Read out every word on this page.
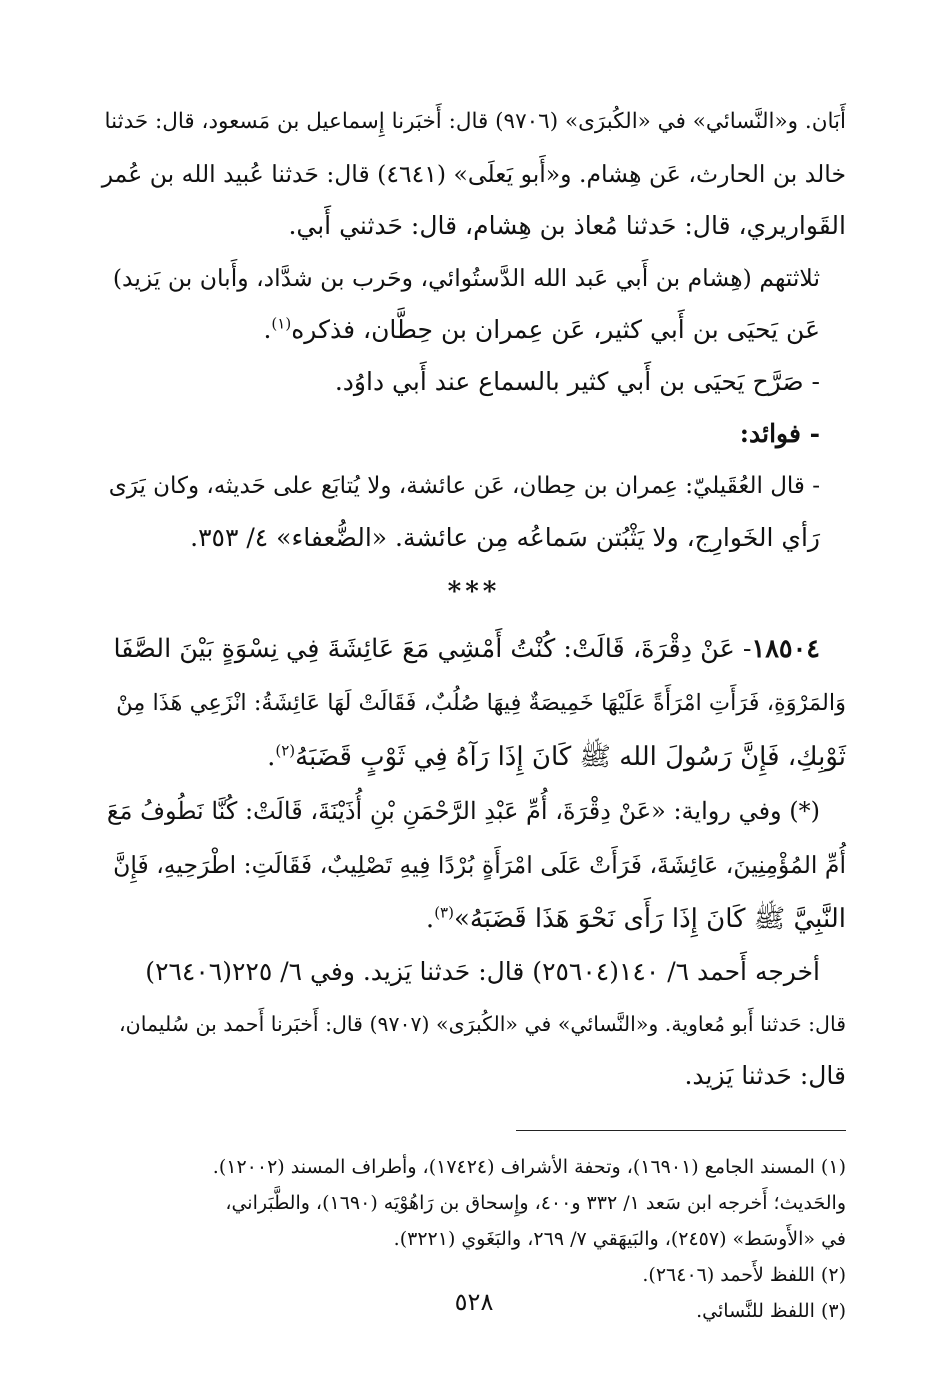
أَبَان. و«النَّسائي» في «الكُبرَى» (٩٧٠٦) قال: أَخبَرنا إِسماعيل بن مَسعود، قال: حَدثنا
خالد بن الحارث، عَن هِشام. و«أَبو يَعلَى» (٤٦٤١) قال: حَدثنا عُبيد الله بن عُمر
القَواريري، قال: حَدثنا مُعاذ بن هِشام، قال: حَدثني أَبي.

ثلاثتهم (هِشام بن أَبي عَبد الله الدَّستُوائي، وحَرب بن شدَّاد، وأَبان بن يَزيد)
عَن يَحيَى بن أَبي كثير، عَن عِمران بن حِطَّان، فذكره$^{(١)}$.

- صَرَّح يَحيَى بن أَبي كثير بالسماع عند أَبي داوُد.

- فوائد:

- قال العُقَيليّ: عِمران بن حِطان، عَن عائشة، ولا يُتابَع على حَديثه، وكان يَرَى
رَأي الخَوارِج، ولا يَثْبُتن سَماعُه مِن عائشة. «الضُّعفاء» ٤/ ٣٥٣.

***

١٨٥٠٤- عَنْ دِقْرَةَ، قَالَتْ: كُنْتُ أَمْشِي مَعَ عَائِشَةَ فِي نِسْوَةٍ بَيْنَ الصَّفَا
وَالمَرْوَةِ، فَرَأَتِ امْرَأَةً عَلَيْهَا خَمِيصَةٌ فِيهَا صُلُبٌ، فَقَالَتْ لَهَا عَائِشَةُ: انْزَعِي هَذَا مِنْ
ثَوْبِكِ، فَإِنَّ رَسُولَ الله ﷺ كَانَ إِذَا رَآهُ فِي ثَوْبٍ قَضَبَهُ$^{(٢)}$.

(*) وفي رواية: «عَنْ دِقْرَةَ، أُمِّ عَبْدِ الرَّحْمَنِ بْنِ أُذَيْنَةَ، قَالَتْ: كُنَّا نَطُوفُ مَعَ
أُمِّ المُؤْمِنِينَ، عَائِشَةَ، فَرَأَتْ عَلَى امْرَأَةٍ بُرْدًا فِيهِ تَصْلِيبٌ، فَقَالَتِ: اطْرَحِيهِ، فَإِنَّ
النَّبِيَّ ﷺ كَانَ إِذَا رَأَى نَحْوَ هَذَا قَضَبَهُ»$^{(٣)}$.

أخرجه أَحمد ٦/ ١٤٠(٢٥٦٠٤) قال: حَدثنا يَزيد. وفي ٦/ ٢٢٥(٢٦٤٠٦)
قال: حَدثنا أَبو مُعاوية. و«النَّسائي» في «الكُبرَى» (٩٧٠٧) قال: أَخبَرنا أَحمد بن سُليمان،
قال: حَدثنا يَزيد.

(١) المسند الجامع (١٦٩٠١)، وتحفة الأشراف (١٧٤٢٤)، وأطراف المسند (١٢٠٠٢).

والحَديث؛ أَخرجه ابن سَعد ١/ ٣٣٢ و٤٠٠، وإِسحاق بن رَاهُوْيَه (١٦٩٠)، والطَّبَراني،

في «الأَوسَط» (٢٤٥٧)، والبَيهَقي ٧/ ٢٦٩، والبَغَوي (٣٢٢١).

(٢) اللفظ لأَحمد (٢٦٤٠٦).

(٣) اللفظ للنَّسائي.

٥٢٨
